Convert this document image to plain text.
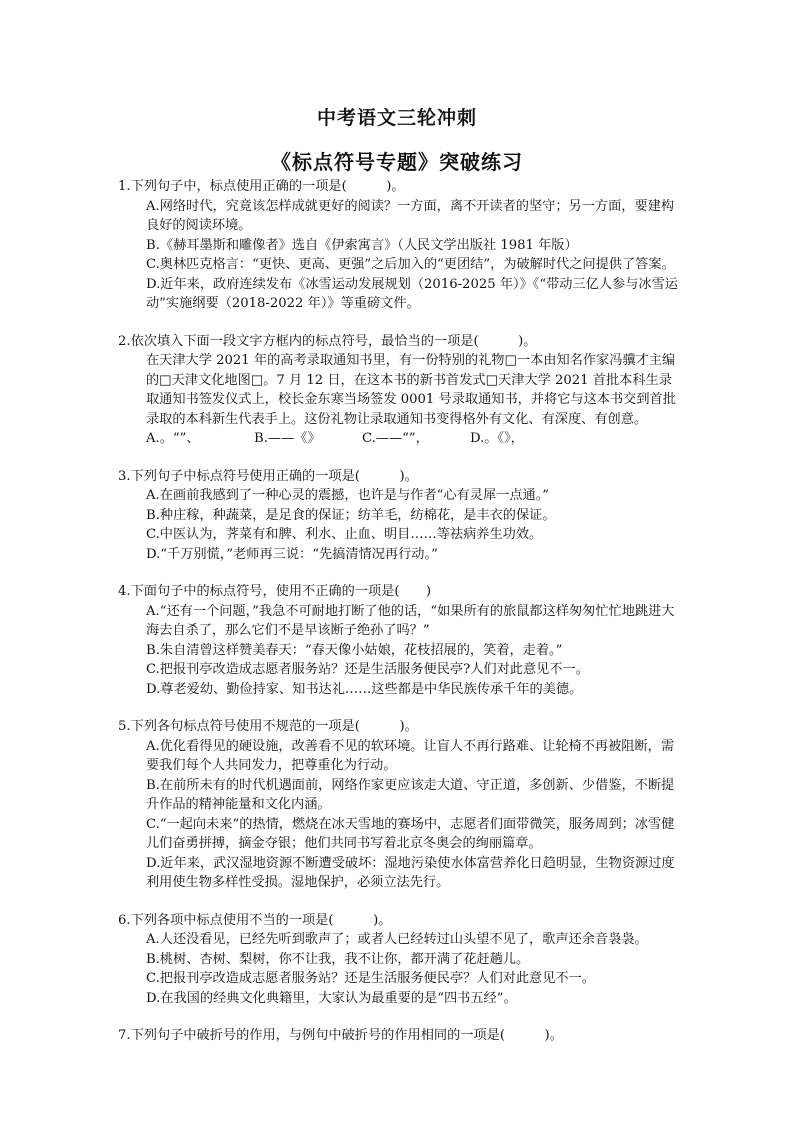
中考语文三轮冲刺
《标点符号专题》突破练习

1.下列句子中，标点使用正确的一项是(　　　)。

A.网络时代，究竟该怎样成就更好的阅读？一方面，离不开读者的坚守；另一方面，要建构良好的阅读环境。

B.《赫耳墨斯和雕像者》选自《伊索寓言》（人民文学出版社 1981 年版）

C.奥林匹克格言：“更快、更高、更强”之后加入的“更团结”，为破解时代之问提供了答案。

D.近年来，政府连续发布《冰雪运动发展规划（2016-2025 年）》《“带动三亿人参与冰雪运动”实施纲要（2018-2022 年）》等重磅文件。

2.依次填入下面一段文字方框内的标点符号，最恰当的一项是(　　　)。

在天津大学 2021 年的高考录取通知书里，有一份特别的礼物□一本由知名作家冯骥才主编的□天津文化地图□。7 月 12 日，在这本书的新书首发式□天津大学 2021 首批本科生录取通知书签发仪式上，校长金东寒当场签发 0001 号录取通知书，并将它与这本书交到首批录取的本科新生代表手上。这份礼物让录取通知书变得格外有文化、有深度、有创意。

A.。“”、	B.——《》	C.——“”，	D.。《》，

3.下列句子中标点符号使用正确的一项是(　　　)。

A.在画前我感到了一种心灵的震撼，也许是与作者“心有灵犀一点通。”

B.种庄稼，种蔬菜，是足食的保证；纺羊毛，纺棉花，是丰衣的保证。

C.中医认为，荠菜有和脾、利水、止血、明目……等祛病养生功效。

D.“千万别慌，”老师再三说：“先搞清情况再行动。”

4.下面句子中的标点符号，使用不正确的一项是(　　)

A.“还有一个问题，”我急不可耐地打断了他的话，“如果所有的旅鼠都这样匆匆忙忙地跳进大海去自杀了，那么它们不是早该断子绝孙了吗？”

B.朱自清曾这样赞美春天：“春天像小姑娘，花枝招展的，笑着，走着。”

C.把报刊亭改造成志愿者服务站？还是生活服务便民亭?人们对此意见不一。

D.尊老爱幼、勤俭持家、知书达礼……这些都是中华民族传承千年的美德。

5.下列各句标点符号使用不规范的一项是(　　　)。

A.优化看得见的硬设施，改善看不见的软环境。让盲人不再行路难、让轮椅不再被阻断，需要我们每个人共同发力，把尊重化为行动。

B.在前所未有的时代机遇面前，网络作家更应该走大道、守正道，多创新、少借鉴，不断提升作品的精神能量和文化内涵。

C.“一起向未来”的热情，燃烧在冰天雪地的赛场中，志愿者们面带微笑，服务周到；冰雪健儿们奋勇拼搏，摘金夺银；他们共同书写着北京冬奥会的绚丽篇章。

D.近年来，武汉湿地资源不断遭受破坏：湿地污染使水体富营养化日趋明显，生物资源过度利用使生物多样性受损。湿地保护，必须立法先行。

6.下列各项中标点使用不当的一项是(　　　)。

A.人还没看见，已经先听到歌声了；或者人已经转过山头望不见了，歌声还余音袅袅。

B.桃树、杏树、梨树，你不让我，我不让你，都开满了花赶趟儿。

C.把报刊亭改造成志愿者服务站？还是生活服务便民亭？人们对此意见不一。

D.在我国的经典文化典籍里，大家认为最重要的是“四书五经”。

7.下列句子中破折号的作用，与例句中破折号的作用相同的一项是(　　　)。
